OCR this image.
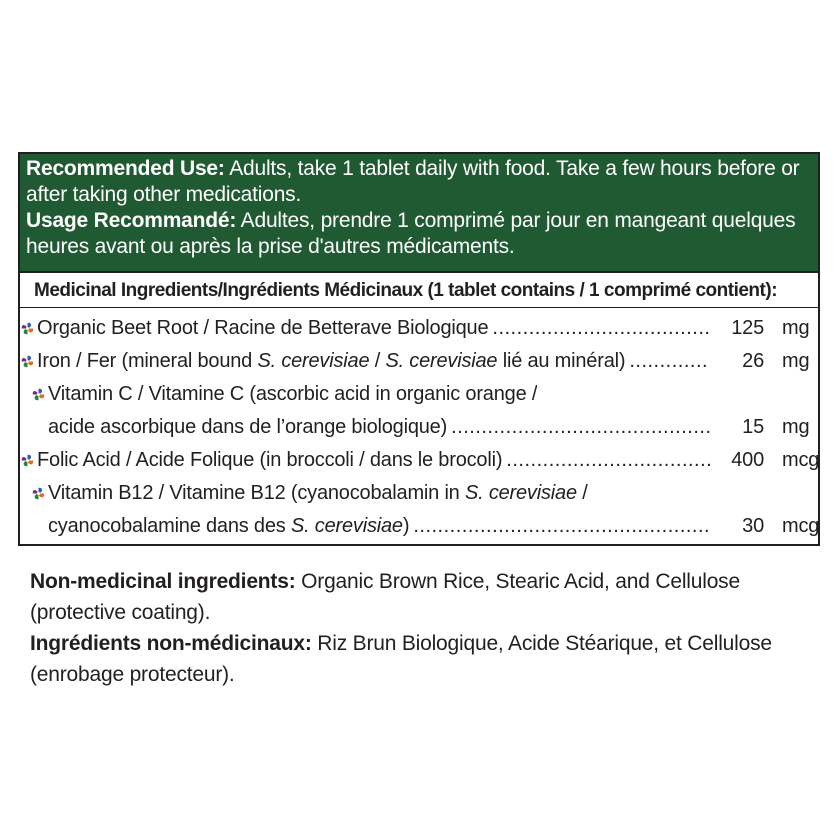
Recommended Use: Adults, take 1 tablet daily with food. Take a few hours before or after taking other medications.
Usage Recommandé: Adultes, prendre 1 comprimé par jour en mangeant quelques heures avant ou après la prise d'autres médicaments.
Medicinal Ingredients/Ingrédients Médicinaux (1 tablet contains / 1 comprimé contient):
Organic Beet Root / Racine de Betterave Biologique .....	125 mg
Iron / Fer (mineral bound S. cerevisiae / S. cerevisiae lié au minéral) .....	26 mg
Vitamin C / Vitamine C (ascorbic acid in organic orange /
acide ascorbique dans de l’orange biologique) .....	15 mg
Folic Acid / Acide Folique (in broccoli / dans le brocoli) .....	400 mcg
Vitamin B12 / Vitamine B12 (cyanocobalamin in S. cerevisiae /
cyanocobalamine dans des S. cerevisiae) .....	30 mcg
Non-medicinal ingredients: Organic Brown Rice, Stearic Acid, and Cellulose (protective coating).
Ingrédients non-médicinaux: Riz Brun Biologique, Acide Stéarique, et Cellulose (enrobage protecteur).
